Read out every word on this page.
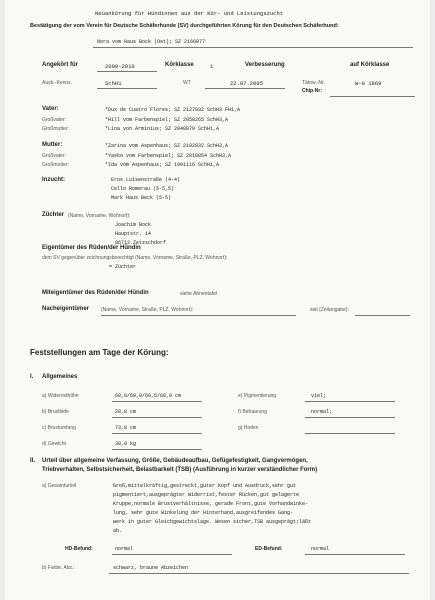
Neuankörung für Hündinnen aus der Kör- und Leistungszucht
Bestätigung der vom Verein für Deutsche Schäferhunde (SV) durchgeführten Körung für den Deutschen Schäferhund:
Nora vom Haus Bock (Ost); SZ 2166077
Angekört für	2009-2010	Körklasse	1	Verbesserung	auf Körklasse
Ausb.-Kennz.	SchH1	WT	22.07.2005	Tätow.-Nr.	W-G 1869
Chip-Nr:
Vater:	*Dux de Cuatro Flores; SZ 2127932 SchH3 FH1,A
Großvater:	*Hill vom Farbenspiel; SZ 2058265 SchH3,A
Großmutter:	*Lina von Arminius; SZ 2040079 SchH1,A
Mutter:	*Zarina vom Aspenhaus; SZ 2102832 SchH3,A
Großvater:	*Yasko vom Farbenspiel; SZ 2010054 SchH3,A
Großmutter:	*Ida vom Aspenhaus; SZ 1991116 SchH1,A
Inzucht:	Eros Luisenstraße (4-4)
Cello Romerau (5-5,5)
Mark Haus Beck (5-5)
Züchter (Name, Vorname, Wohnort):
Joachim Bock
Hauptstr. 14
06712 Zetzschdorf
Eigentümer des Rüden/der Hündin
dem SV gegenüber zeichnungsberechtigt (Name, Vorname, Straße, PLZ, Wohnort):
= Züchter
Miteigentümer des Rüden/der Hündin	siehe Ahnentafel
Nacheigentümer (Name, Vorname, Straße, PLZ, Wohnort):	seit (Zeitangabe):
Feststellungen am Tage der Körung:
I. Allgemeines
a) Widerristhöhe	60,0/60,0/60,5/60,0 cm	e) Pigmentierung	viel;
b) Brusttiefe	28,0 cm	f) Behaarung	normal;
c) Brustumfang	73,0 cm	g) Hoden
d) Gewicht	30,0 kg
II. Urteil über allgemeine Verfassung, Größe, Gebäudeaufbau, Gefügefestigkeit, Gangvermögen,
Triebverhalten, Selbstsicherheit, Belastbarkeit (TSB) (Ausführung in kurzer verständlicher Form)
a) Gesamturteil	Groß,mittelkräftig,gestreckt,guter Kopf und Ausdruck,sehr gut
pigmentiert,ausgeprägter Widerrist,fester Rücken,gut gelagerte
Kruppe,normale Brustverhältnisse, gerade Front,gute Vorhandwinke-
lung, sehr gute Winkelung der Hinterhand,ausgreifendes Gang-
werk in guter Gleichgewichtslage. Wesen sicher,TSB ausgeprägt;läßt
ab.
HD-Befund:	normal	ED-Befund:	normal
b) Farbe, Abz.:	schwarz, braune Abzeichen
